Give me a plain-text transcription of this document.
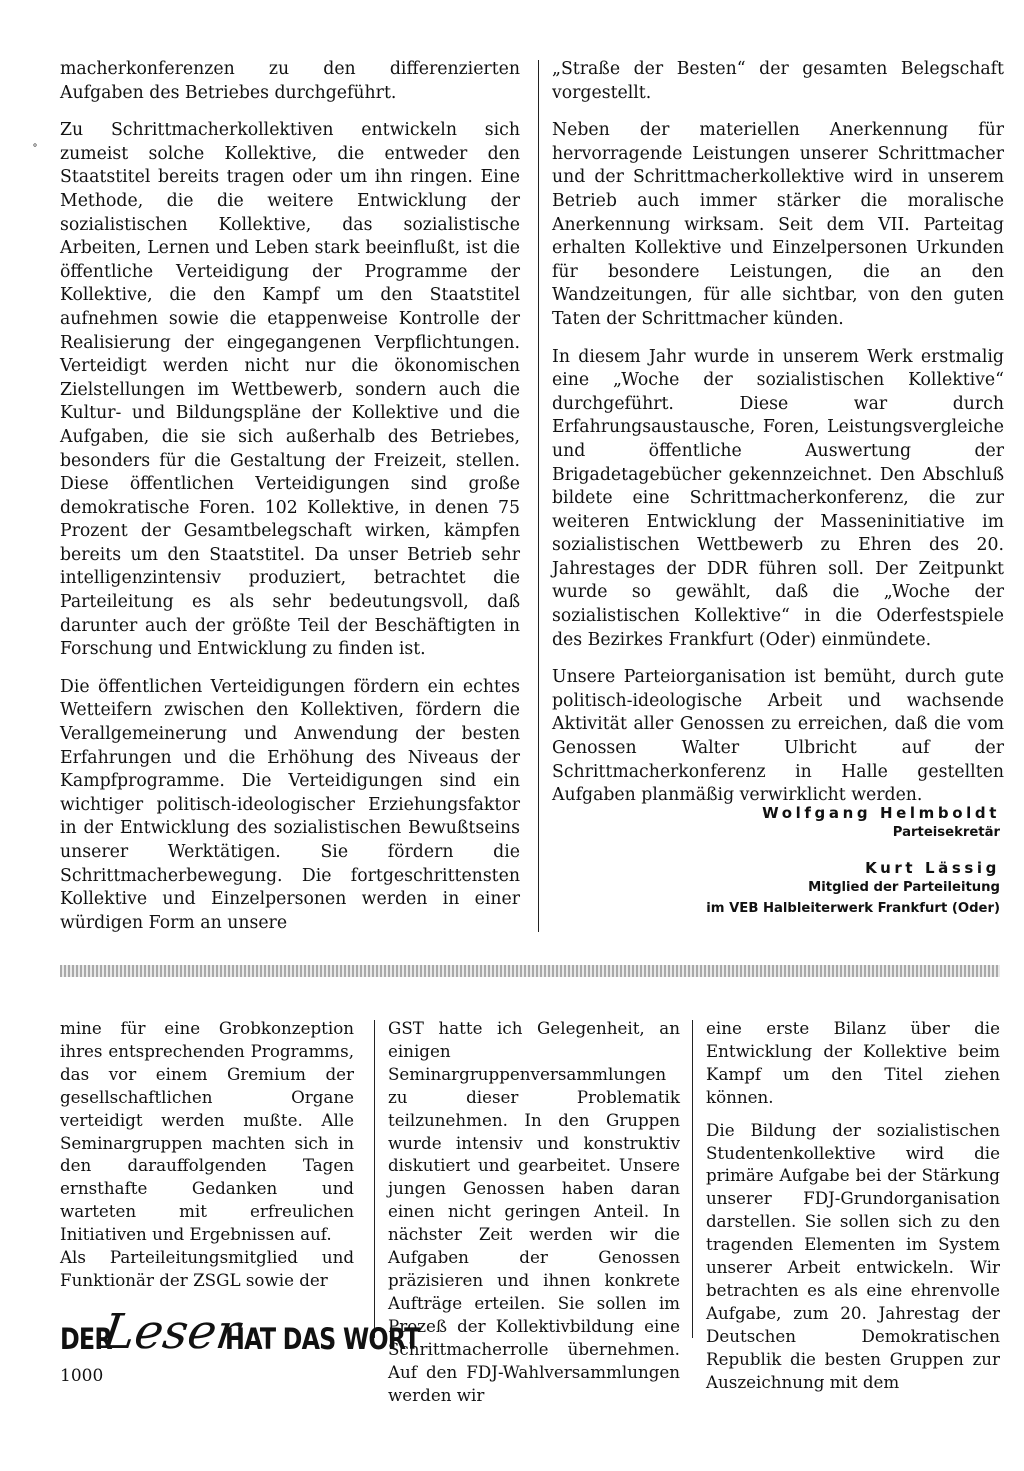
˚

macherkonferenzen zu den differenzierten Aufgaben des Betriebes durchgeführt.

Zu Schrittmacherkollektiven entwickeln sich zumeist solche Kollektive, die entweder den Staatstitel bereits tragen oder um ihn ringen. Eine Methode, die die weitere Entwicklung der sozialistischen Kollektive, das sozialistische Arbeiten, Lernen und Leben stark beeinflußt, ist die öffentliche Verteidigung der Programme der Kollektive, die den Kampf um den Staatstitel aufnehmen sowie die etappenweise Kontrolle der Realisierung der eingegangenen Verpflichtungen. Verteidigt werden nicht nur die ökonomischen Zielstellungen im Wettbewerb, sondern auch die Kultur- und Bildungspläne der Kollektive und die Aufgaben, die sie sich außerhalb des Betriebes, besonders für die Gestaltung der Freizeit, stellen. Diese öffentlichen Verteidigungen sind große demokratische Foren. 102 Kollektive, in denen 75 Prozent der Gesamtbelegschaft wirken, kämpfen bereits um den Staatstitel. Da unser Betrieb sehr intelligenzintensiv produziert, betrachtet die Parteileitung es als sehr bedeutungsvoll, daß darunter auch der größte Teil der Beschäftigten in Forschung und Entwicklung zu finden ist.

Die öffentlichen Verteidigungen fördern ein echtes Wetteifern zwischen den Kollektiven, fördern die Verallgemeinerung und Anwendung der besten Erfahrungen und die Erhöhung des Niveaus der Kampfprogramme. Die Verteidigungen sind ein wichtiger politisch-ideologischer Erziehungsfaktor in der Entwicklung des sozialistischen Bewußtseins unserer Werktätigen. Sie fördern die Schrittmacherbewegung. Die fortgeschrittensten Kollektive und Einzelpersonen werden in einer würdigen Form an unsere

„Straße der Besten“ der gesamten Belegschaft vorgestellt.

Neben der materiellen Anerkennung für hervorragende Leistungen unserer Schrittmacher und der Schrittmacherkollektive wird in unserem Betrieb auch immer stärker die moralische Anerkennung wirksam. Seit dem VII. Parteitag erhalten Kollektive und Einzelpersonen Urkunden für besondere Leistungen, die an den Wandzeitungen, für alle sichtbar, von den guten Taten der Schrittmacher künden.

In diesem Jahr wurde in unserem Werk erstmalig eine „Woche der sozialistischen Kollektive“ durchgeführt. Diese war durch Erfahrungsaustausche, Foren, Leistungsvergleiche und öffentliche Auswertung der Brigadetagebücher gekennzeichnet. Den Abschluß bildete eine Schrittmacherkonferenz, die zur weiteren Entwicklung der Masseninitiative im sozialistischen Wettbewerb zu Ehren des 20. Jahrestages der DDR führen soll. Der Zeitpunkt wurde so gewählt, daß die „Woche der sozialistischen Kollektive“ in die Oderfestspiele des Bezirkes Frankfurt (Oder) einmündete.

Unsere Parteiorganisation ist bemüht, durch gute politisch-ideologische Arbeit und wachsende Aktivität aller Genossen zu erreichen, daß die vom Genossen Walter Ulbricht auf der Schrittmacherkonferenz in Halle gestellten Aufgaben planmäßig verwirklicht werden.

Wolfgang Helmboldt
Parteisekretär
Kurt Lässig
Mitglied der Parteileitung
im VEB Halbleiterwerk Frankfurt (Oder)

mine für eine Grobkonzeption ihres entsprechenden Programms, das vor einem Gremium der gesellschaftlichen Organe verteidigt werden mußte. Alle Seminargruppen machten sich in den darauffolgenden Tagen ernsthafte Gedanken und warteten mit erfreulichen Initiativen und Ergebnissen auf.

Als Parteileitungsmitglied und Funktionär der ZSGL sowie der

GST hatte ich Gelegenheit, an einigen Seminargruppenversammlungen zu dieser Problematik teilzunehmen. In den Gruppen wurde intensiv und konstruktiv diskutiert und gearbeitet. Unsere jungen Genossen haben daran einen nicht geringen Anteil. In nächster Zeit werden wir die Aufgaben der Genossen präzisieren und ihnen konkrete Aufträge erteilen. Sie sollen im Prozeß der Kollektivbildung eine Schrittmacherrolle übernehmen. Auf den FDJ-Wahlversammlungen werden wir

eine erste Bilanz über die Entwicklung der Kollektive beim Kampf um den Titel ziehen können.

Die Bildung der sozialistischen Studentenkollektive wird die primäre Aufgabe bei der Stärkung unserer FDJ-Grundorganisation darstellen. Sie sollen sich zu den tragenden Elementen im System unserer Arbeit entwickeln. Wir betrachten es als eine ehrenvolle Aufgabe, zum 20. Jahrestag der Deutschen Demokratischen Republik die besten Gruppen zur Auszeichnung mit dem

DER
Leser
HAT DAS WORT
1000
